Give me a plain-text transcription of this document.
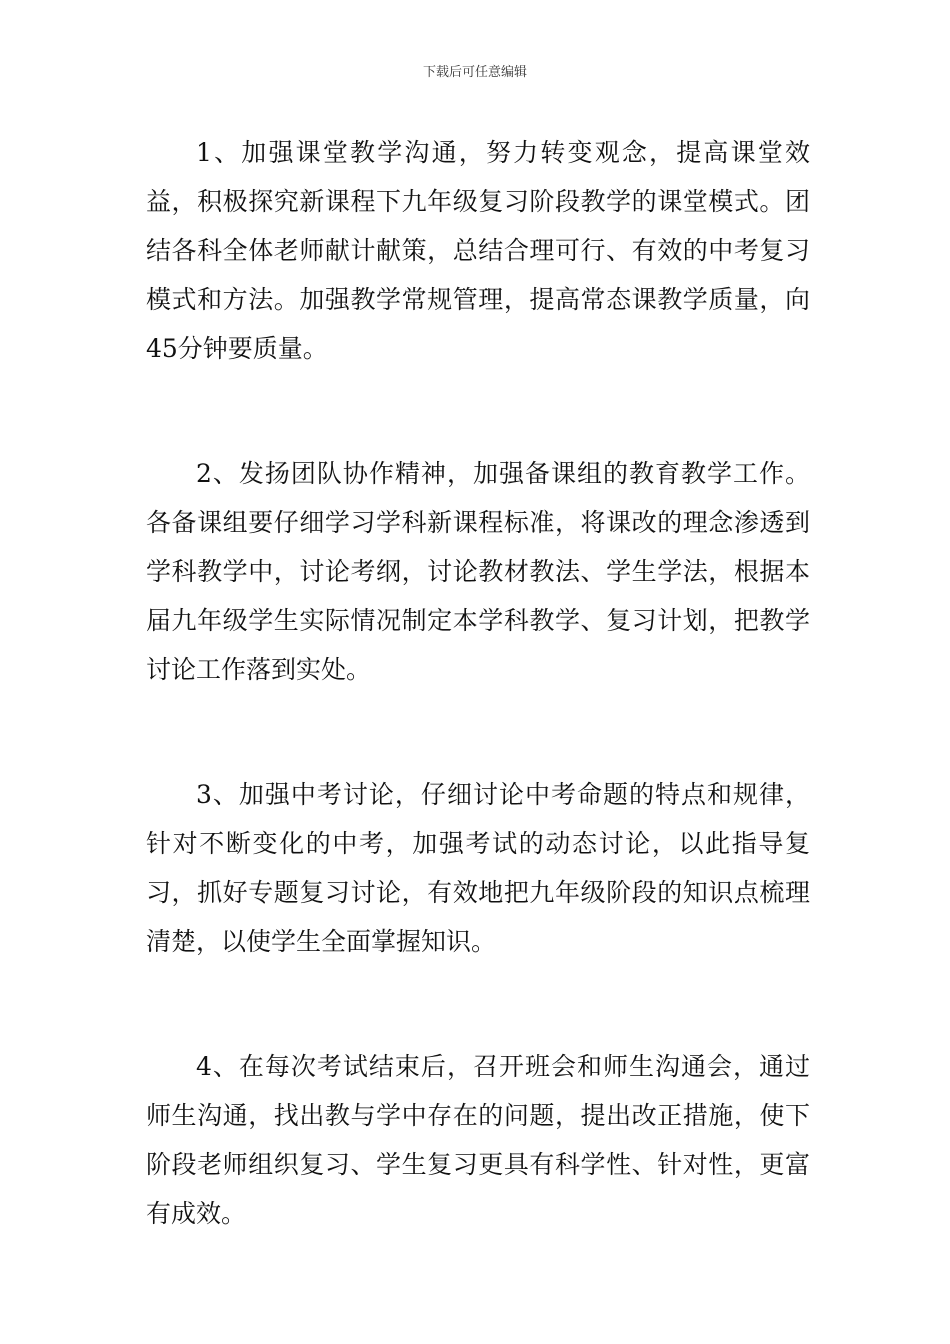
下载后可任意编辑

1、加强课堂教学沟通，努力转变观念，提高课堂效益，积极探究新课程下九年级复习阶段教学的课堂模式。团结各科全体老师献计献策，总结合理可行、有效的中考复习模式和方法。加强教学常规管理，提高常态课教学质量，向45分钟要质量。

2、发扬团队协作精神，加强备课组的教育教学工作。各备课组要仔细学习学科新课程标准，将课改的理念渗透到学科教学中，讨论考纲，讨论教材教法、学生学法，根据本届九年级学生实际情况制定本学科教学、复习计划，把教学讨论工作落到实处。

3、加强中考讨论，仔细讨论中考命题的特点和规律，针对不断变化的中考，加强考试的动态讨论，以此指导复习，抓好专题复习讨论，有效地把九年级阶段的知识点梳理清楚，以使学生全面掌握知识。

4、在每次考试结束后，召开班会和师生沟通会，通过师生沟通，找出教与学中存在的问题，提出改正措施，使下阶段老师组织复习、学生复习更具有科学性、针对性，更富有成效。
